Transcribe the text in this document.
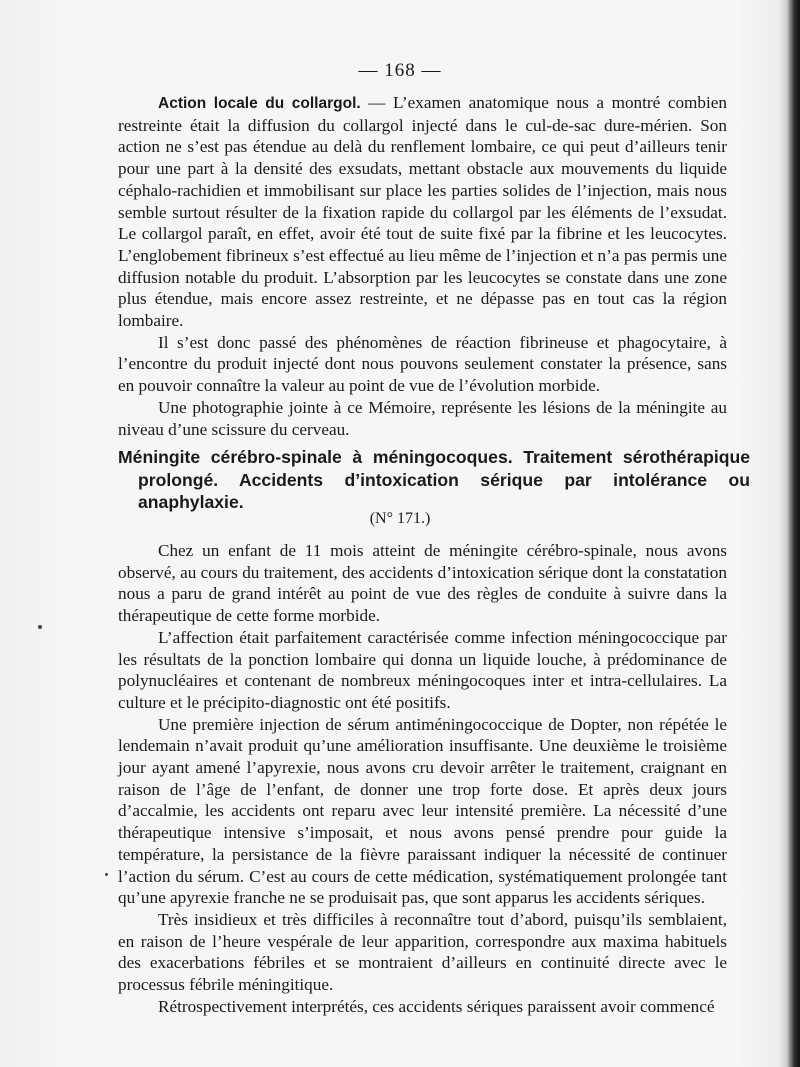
— 168 —

Action locale du collargol. — L’examen anatomique nous a montré combien restreinte était la diffusion du collargol injecté dans le cul-de-sac dure-mérien. Son action ne s’est pas étendue au delà du renflement lombaire, ce qui peut d’ailleurs tenir pour une part à la densité des exsudats, mettant obstacle aux mouvements du liquide céphalo-rachidien et immobilisant sur place les parties solides de l’injection, mais nous semble surtout résulter de la fixation rapide du collargol par les éléments de l’exsudat. Le collargol paraît, en effet, avoir été tout de suite fixé par la fibrine et les leucocytes. L’englobement fibrineux s’est effectué au lieu même de l’injection et n’a pas permis une diffusion notable du produit. L’absorption par les leucocytes se constate dans une zone plus étendue, mais encore assez restreinte, et ne dépasse pas en tout cas la région lombaire.

Il s’est donc passé des phénomènes de réaction fibrineuse et phagocytaire, à l’encontre du produit injecté dont nous pouvons seulement constater la présence, sans en pouvoir connaître la valeur au point de vue de l’évolution morbide.

Une photographie jointe à ce Mémoire, représente les lésions de la méningite au niveau d’une scissure du cerveau.

Méningite cérébro-spinale à méningocoques. Traitement sérothérapique prolongé. Accidents d’intoxication sérique par intolérance ou anaphylaxie.
(N° 171.)

Chez un enfant de 11 mois atteint de méningite cérébro-spinale, nous avons observé, au cours du traitement, des accidents d’intoxication sérique dont la constatation nous a paru de grand intérêt au point de vue des règles de conduite à suivre dans la thérapeutique de cette forme morbide.

L’affection était parfaitement caractérisée comme infection méningococcique par les résultats de la ponction lombaire qui donna un liquide louche, à prédominance de polynucléaires et contenant de nombreux méningocoques inter et intra-cellulaires. La culture et le précipito-diagnostic ont été positifs.

Une première injection de sérum antiméningococcique de Dopter, non répétée le lendemain n’avait produit qu’une amélioration insuffisante. Une deuxième le troisième jour ayant amené l’apyrexie, nous avons cru devoir arrêter le traitement, craignant en raison de l’âge de l’enfant, de donner une trop forte dose. Et après deux jours d’accalmie, les accidents ont reparu avec leur intensité première. La nécessité d’une thérapeutique intensive s’imposait, et nous avons pensé prendre pour guide la température, la persistance de la fièvre paraissant indiquer la nécessité de continuer l’action du sérum. C’est au cours de cette médication, systématiquement prolongée tant qu’une apyrexie franche ne se produisait pas, que sont apparus les accidents sériques.

Très insidieux et très difficiles à reconnaître tout d’abord, puisqu’ils semblaient, en raison de l’heure vespérale de leur apparition, correspondre aux maxima habituels des exacerbations fébriles et se montraient d’ailleurs en continuité directe avec le processus fébrile méningitique.

Rétrospectivement interprétés, ces accidents sériques paraissent avoir commencé
